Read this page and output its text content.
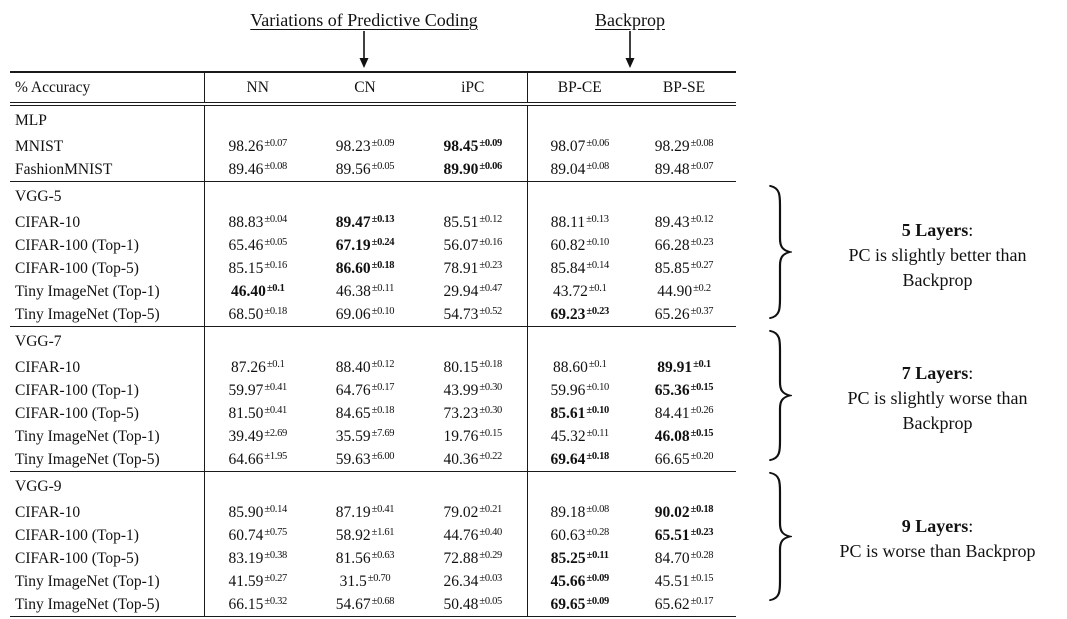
Variations of Predictive Coding	Backprop
% Accuracy	NN	CN	iPC	BP-CE	BP-SE
MLP					
MNIST	$98.26^{\pm 0.07}$	$98.23^{\pm 0.09}$	$98.45^{\pm 0.09}$	$98.07^{\pm 0.06}$	$98.29^{\pm 0.08}$
FashionMNIST	$89.46^{\pm 0.08}$	$89.56^{\pm 0.05}$	$89.90^{\pm 0.06}$	$89.04^{\pm 0.08}$	$89.48^{\pm 0.07}$
VGG-5					
CIFAR-10	$88.83^{\pm 0.04}$	$89.47^{\pm 0.13}$	$85.51^{\pm 0.12}$	$88.11^{\pm 0.13}$	$89.43^{\pm 0.12}$
CIFAR-100 (Top-1)	$65.46^{\pm 0.05}$	$67.19^{\pm 0.24}$	$56.07^{\pm 0.16}$	$60.82^{\pm 0.10}$	$66.28^{\pm 0.23}$
CIFAR-100 (Top-5)	$85.15^{\pm 0.16}$	$86.60^{\pm 0.18}$	$78.91^{\pm 0.23}$	$85.84^{\pm 0.14}$	$85.85^{\pm 0.27}$
Tiny ImageNet (Top-1)	$46.40^{\pm 0.1}$	$46.38^{\pm 0.11}$	$29.94^{\pm 0.47}$	$43.72^{\pm 0.1}$	$44.90^{\pm 0.2}$
Tiny ImageNet (Top-5)	$68.50^{\pm 0.18}$	$69.06^{\pm 0.10}$	$54.73^{\pm 0.52}$	$69.23^{\pm 0.23}$	$65.26^{\pm 0.37}$
VGG-7					
CIFAR-10	$87.26^{\pm 0.1}$	$88.40^{\pm 0.12}$	$80.15^{\pm 0.18}$	$88.60^{\pm 0.1}$	$89.91^{\pm 0.1}$
CIFAR-100 (Top-1)	$59.97^{\pm 0.41}$	$64.76^{\pm 0.17}$	$43.99^{\pm 0.30}$	$59.96^{\pm 0.10}$	$65.36^{\pm 0.15}$
CIFAR-100 (Top-5)	$81.50^{\pm 0.41}$	$84.65^{\pm 0.18}$	$73.23^{\pm 0.30}$	$85.61^{\pm 0.10}$	$84.41^{\pm 0.26}$
Tiny ImageNet (Top-1)	$39.49^{\pm 2.69}$	$35.59^{\pm 7.69}$	$19.76^{\pm 0.15}$	$45.32^{\pm 0.11}$	$46.08^{\pm 0.15}$
Tiny ImageNet (Top-5)	$64.66^{\pm 1.95}$	$59.63^{\pm 6.00}$	$40.36^{\pm 0.22}$	$69.64^{\pm 0.18}$	$66.65^{\pm 0.20}$
VGG-9					
CIFAR-10	$85.90^{\pm 0.14}$	$87.19^{\pm 0.41}$	$79.02^{\pm 0.21}$	$89.18^{\pm 0.08}$	$90.02^{\pm 0.18}$
CIFAR-100 (Top-1)	$60.74^{\pm 0.75}$	$58.92^{\pm 1.61}$	$44.76^{\pm 0.40}$	$60.63^{\pm 0.28}$	$65.51^{\pm 0.23}$
CIFAR-100 (Top-5)	$83.19^{\pm 0.38}$	$81.56^{\pm 0.63}$	$72.88^{\pm 0.29}$	$85.25^{\pm 0.11}$	$84.70^{\pm 0.28}$
Tiny ImageNet (Top-1)	$41.59^{\pm 0.27}$	$31.5^{\pm 0.70}$	$26.34^{\pm 0.03}$	$45.66^{\pm 0.09}$	$45.51^{\pm 0.15}$
Tiny ImageNet (Top-5)	$66.15^{\pm 0.32}$	$54.67^{\pm 0.68}$	$50.48^{\pm 0.05}$	$69.65^{\pm 0.09}$	$65.62^{\pm 0.17}$
5 Layers:
PC is slightly better than Backprop
7 Layers:
PC is slightly worse than Backprop
9 Layers:
PC is worse than Backprop
